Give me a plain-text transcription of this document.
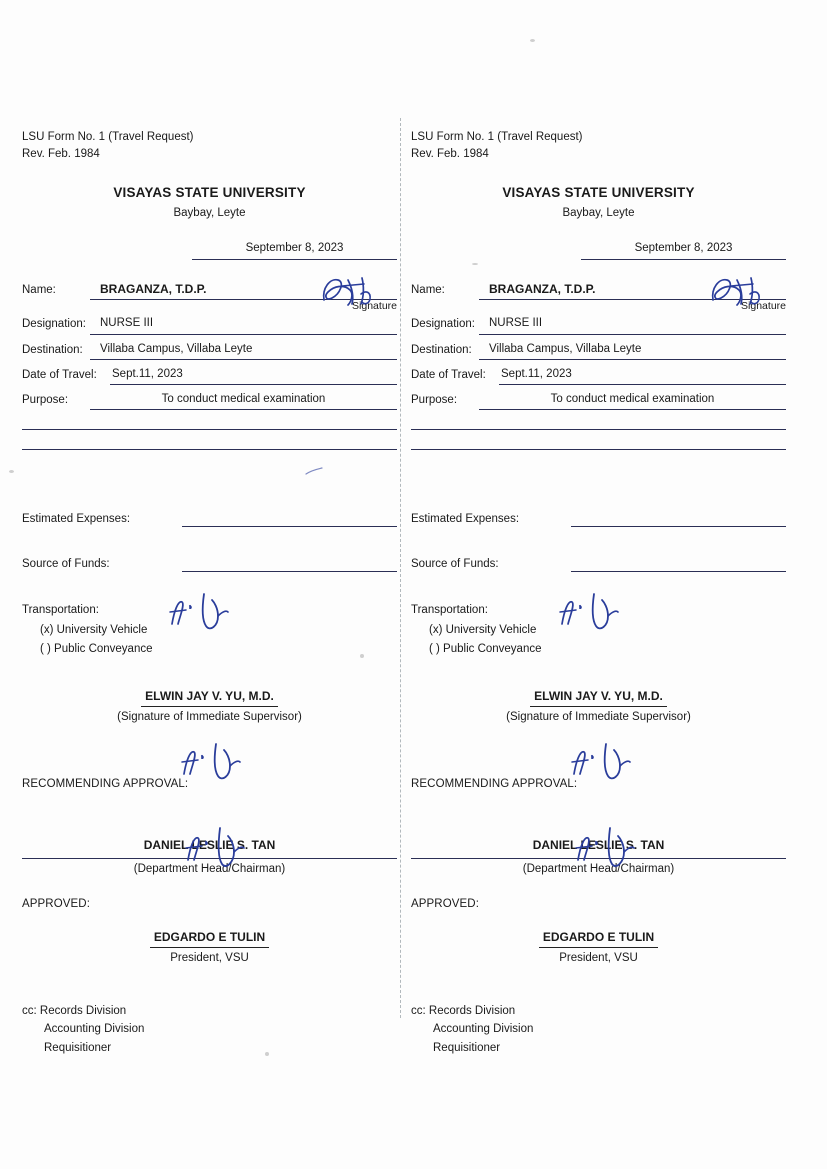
LSU Form No. 1 (Travel Request)
Rev. Feb. 1984
VISAYAS STATE UNIVERSITY
Baybay, Leyte
September 8, 2023
Name:	BRAGANZA, T.D.P.
Signature
Designation:	NURSE III
Destination:	Villaba Campus, Villaba Leyte
Date of Travel:	Sept.11, 2023
Purpose:	To conduct medical examination
Estimated Expenses:
Source of Funds:
Transportation:
(x) University Vehicle
( ) Public Conveyance
ELWIN JAY V. YU, M.D.
(Signature of Immediate Supervisor)
RECOMMENDING APPROVAL:
DANIEL LESLIE S. TAN
(Department Head/Chairman)
APPROVED:
EDGARDO E TULIN
President, VSU
cc: Records Division
Accounting Division
Requisitioner
LSU Form No. 1 (Travel Request)
Rev. Feb. 1984
VISAYAS STATE UNIVERSITY
Baybay, Leyte
September 8, 2023
Name:	BRAGANZA, T.D.P.
Signature
Designation:	NURSE III
Destination:	Villaba Campus, Villaba Leyte
Date of Travel:	Sept.11, 2023
Purpose:	To conduct medical examination
Estimated Expenses:
Source of Funds:
Transportation:
(x) University Vehicle
( ) Public Conveyance
ELWIN JAY V. YU, M.D.
(Signature of Immediate Supervisor)
RECOMMENDING APPROVAL:
DANIEL LESLIE S. TAN
(Department Head/Chairman)
APPROVED:
EDGARDO E TULIN
President, VSU
cc: Records Division
Accounting Division
Requisitioner
